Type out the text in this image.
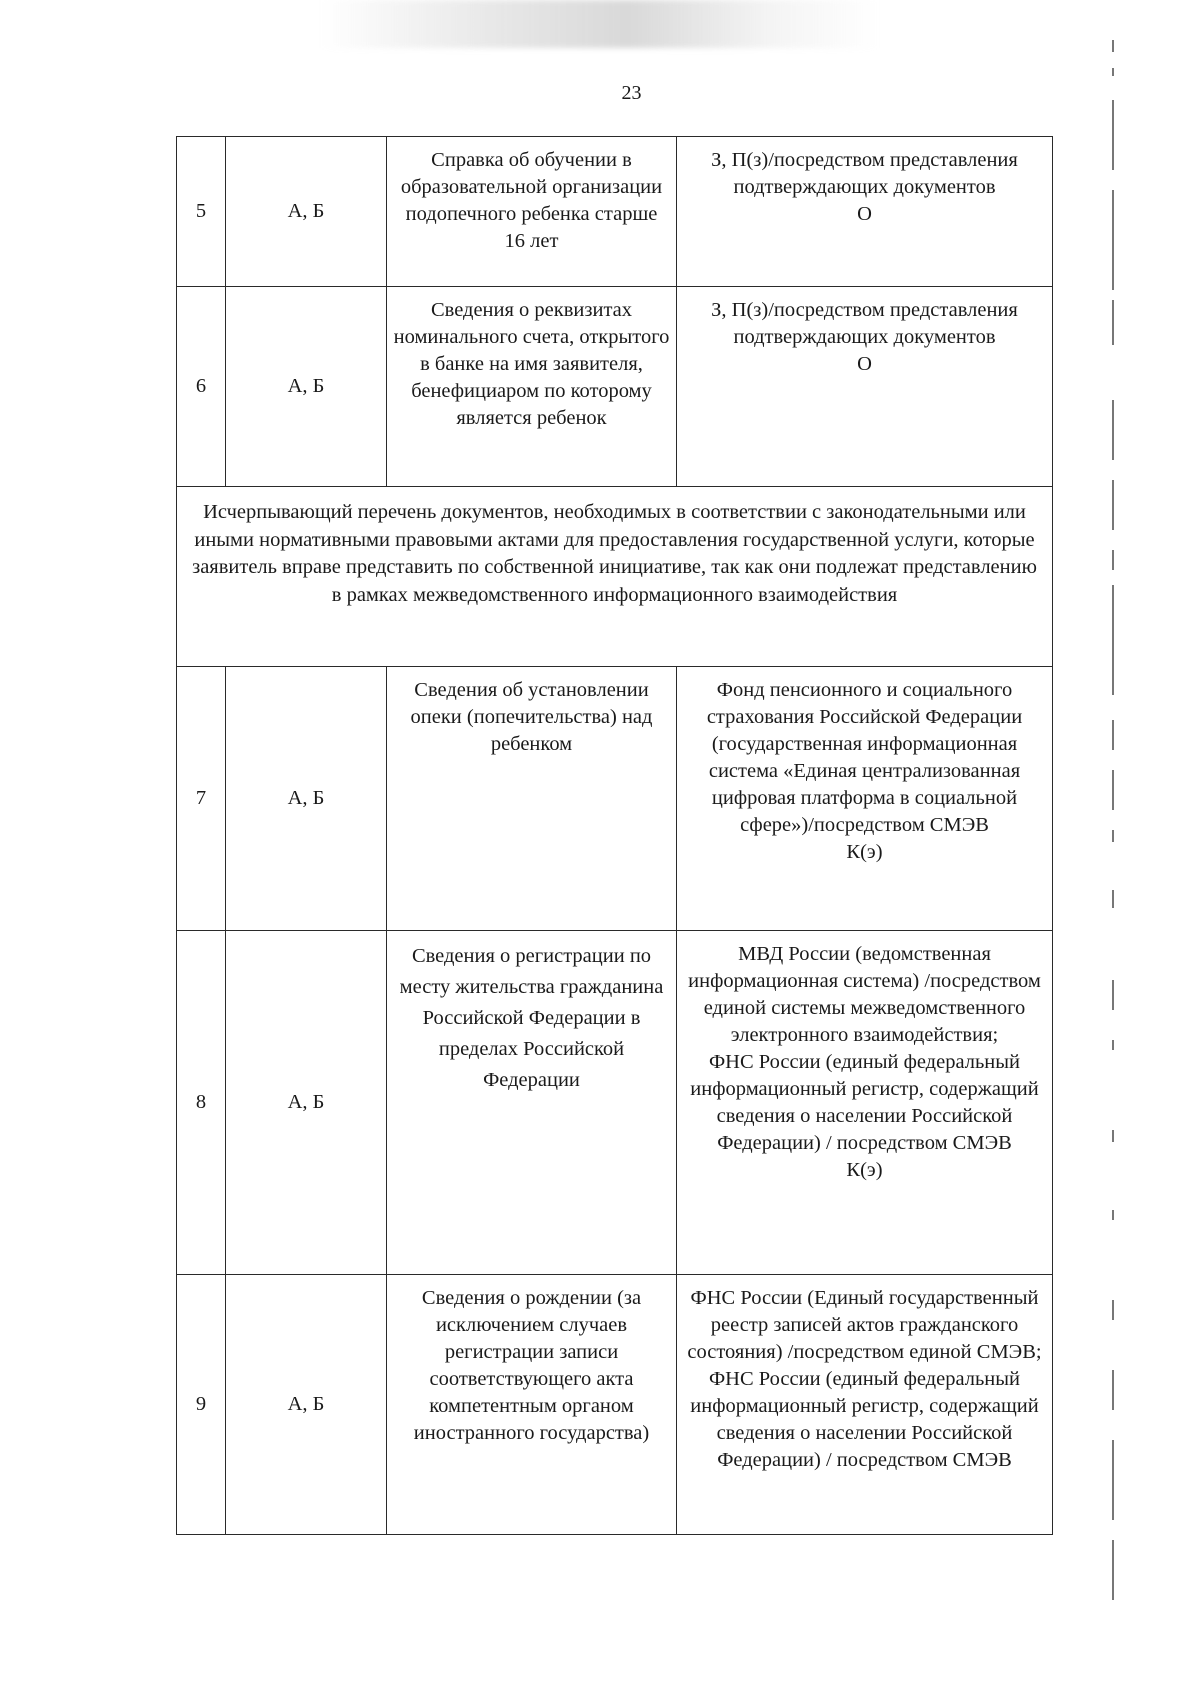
23
5	А, Б	Справка об обучении в образовательной организации подопечного ребенка старше 16 лет	З, П(з)/посредством представления подтверждающих документов
О

6	А, Б	Сведения о реквизитах номинального счета, открытого в банке на имя заявителя, бенефициаром по которому является ребенок	З, П(з)/посредством представления подтверждающих документов
О

Исчерпывающий перечень документов, необходимых в соответствии с законодательными или иными нормативными правовыми актами для предоставления государственной услуги, которые заявитель вправе представить по собственной инициативе, так как они подлежат представлению в рамках межведомственного информационного взаимодействия			
7	А, Б	Сведения об установлении опеки (попечительства) над ребенком	Фонд пенсионного и социального страхования Российской Федерации (государственная информационная система «Единая централизованная цифровая платформа в социальной сфере»)/посредством СМЭВ
К(э)

8	А, Б	Сведения о регистрации по месту жительства гражданина Российской Федерации в пределах Российской Федерации	МВД России (ведомственная информационная система) /посредством единой системы межведомственного электронного взаимодействия;
ФНС России (единый федеральный информационный регистр, содержащий сведения о населении Российской Федерации) / посредством СМЭВ
К(э)

9	А, Б	Сведения о рождении (за исключением случаев регистрации записи соответствующего акта компетентным органом иностранного государства)	ФНС России (Единый государственный реестр записей актов гражданского состояния) /посредством единой СМЭВ;
ФНС России (единый федеральный информационный регистр, содержащий сведения о населении Российской Федерации) / посредством СМЭВ
